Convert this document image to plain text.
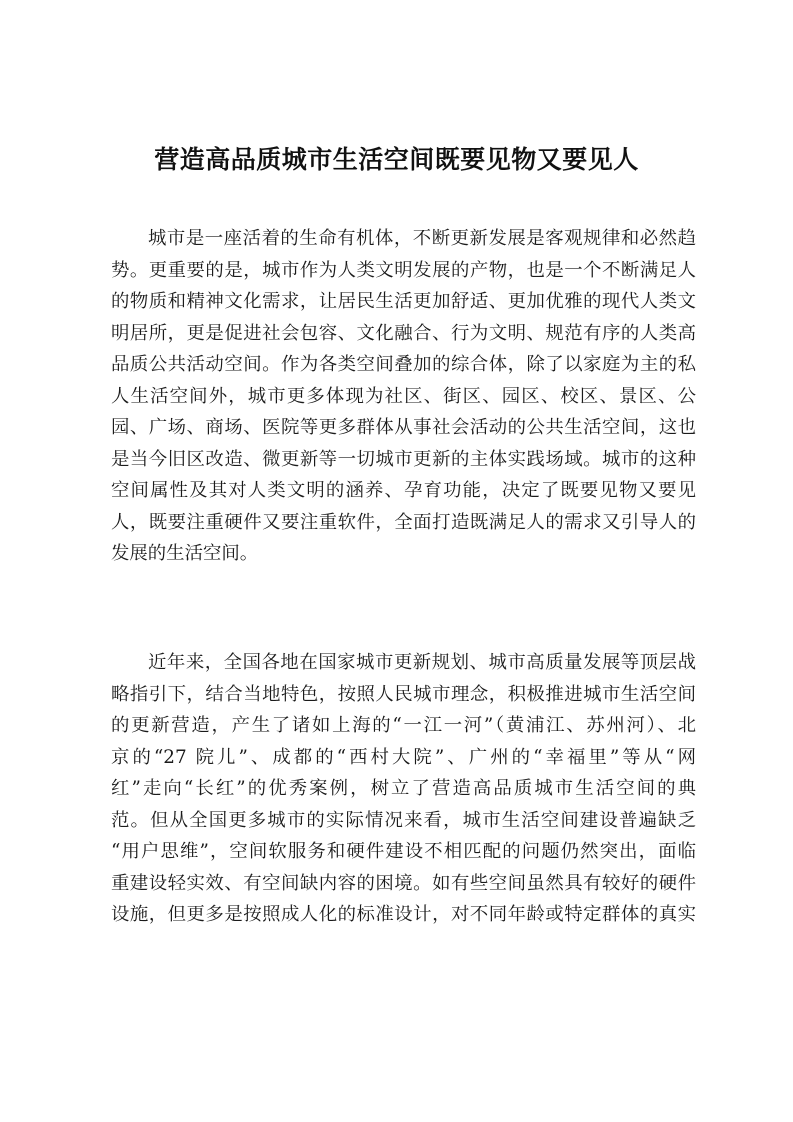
营造高品质城市生活空间既要见物又要见人
城市是一座活着的生命有机体，不断更新发展是客观规律和必然趋
势。更重要的是，城市作为人类文明发展的产物，也是一个不断满足人
的物质和精神文化需求，让居民生活更加舒适、更加优雅的现代人类文
明居所，更是促进社会包容、文化融合、行为文明、规范有序的人类高
品质公共活动空间。作为各类空间叠加的综合体，除了以家庭为主的私
人生活空间外，城市更多体现为社区、街区、园区、校区、景区、公
园、广场、商场、医院等更多群体从事社会活动的公共生活空间，这也
是当今旧区改造、微更新等一切城市更新的主体实践场域。城市的这种
空间属性及其对人类文明的涵养、孕育功能，决定了既要见物又要见
人，既要注重硬件又要注重软件，全面打造既满足人的需求又引导人的
发展的生活空间。
近年来，全国各地在国家城市更新规划、城市高质量发展等顶层战
略指引下，结合当地特色，按照人民城市理念，积极推进城市生活空间
的更新营造，产生了诸如上海的“一江一河”（黄浦江、苏州河）、北
京的“27 院儿”、成都的“西村大院”、广州的“幸福里”等从“网
红”走向“长红”的优秀案例，树立了营造高品质城市生活空间的典
范。但从全国更多城市的实际情况来看，城市生活空间建设普遍缺乏
“用户思维”，空间软服务和硬件建设不相匹配的问题仍然突出，面临
重建设轻实效、有空间缺内容的困境。如有些空间虽然具有较好的硬件
设施，但更多是按照成人化的标准设计，对不同年龄或特定群体的真实
